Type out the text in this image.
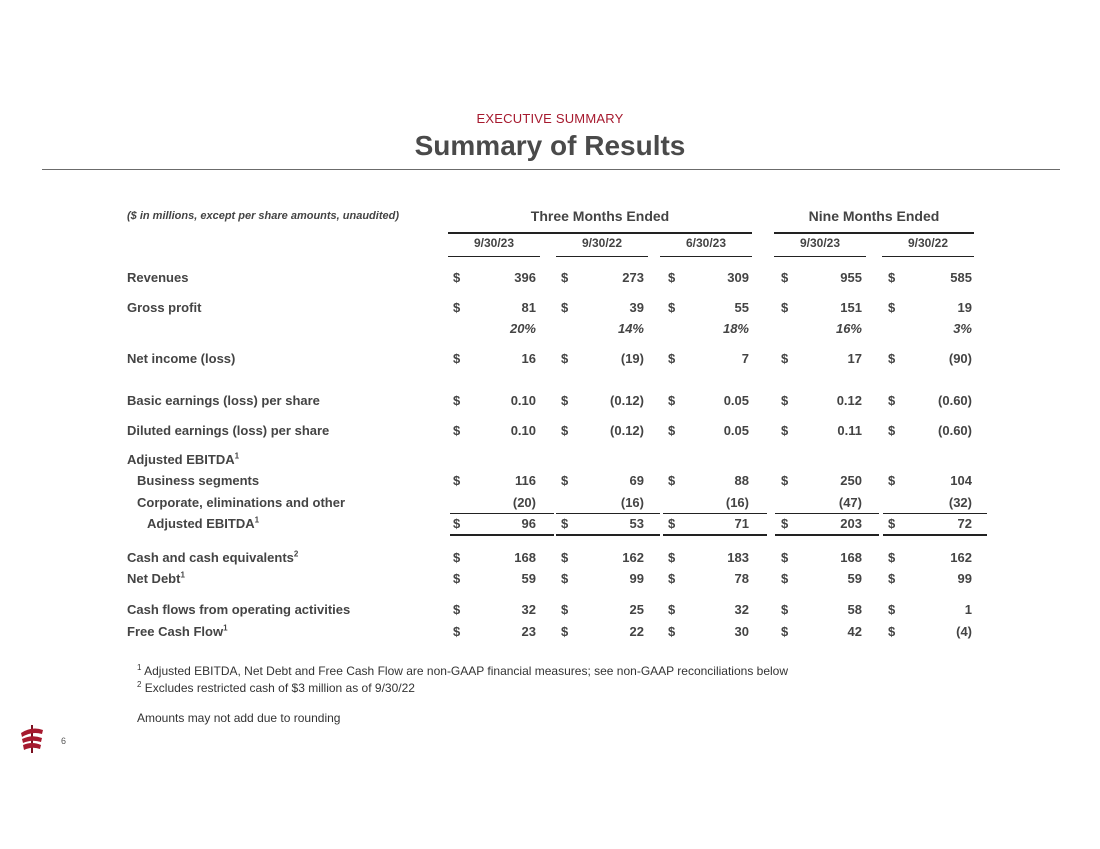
EXECUTIVE SUMMARY
Summary of Results
($ in millions, except per share amounts, unaudited)	Three Months Ended	Nine Months Ended
9/30/23	9/30/22	6/30/23	9/30/23	9/30/22
Revenues	$	396 $	273 $	309 $	955 $	585
Gross profit	$	81 $	39 $	55 $	151 $	19
20%	14%	18%	16%	3%
Net income (loss)	$	16 $	(19) $	7 $	17 $	(90)
Basic earnings (loss) per share	$	0.10 $	(0.12) $	0.05 $	0.12 $	(0.60)
Diluted earnings (loss) per share	$	0.10 $	(0.12) $	0.05 $	0.11 $	(0.60)
Adjusted EBITDA$^1$
Business segments	$	116 $	69 $	88 $	250 $	104
Corporate, eliminations and other	(20)	(16)	(16)	(47)	(32)
Adjusted EBITDA$^1$	$	96 $	53 $	71 $	203 $	72
Cash and cash equivalents$^2$	$	168 $	162 $	183 $	168 $	162
Net Debt$^1$	$	59 $	99 $	78 $	59 $	99
Cash flows from operating activities	$	32 $	25 $	32 $	58 $	1
Free Cash Flow$^1$	$	23 $	22 $	30 $	42 $	(4)
$^1$ Adjusted EBITDA, Net Debt and Free Cash Flow are non-GAAP financial measures; see non-GAAP reconciliations below
$^2$ Excludes restricted cash of $3 million as of 9/30/22
Amounts may not add due to rounding
6
